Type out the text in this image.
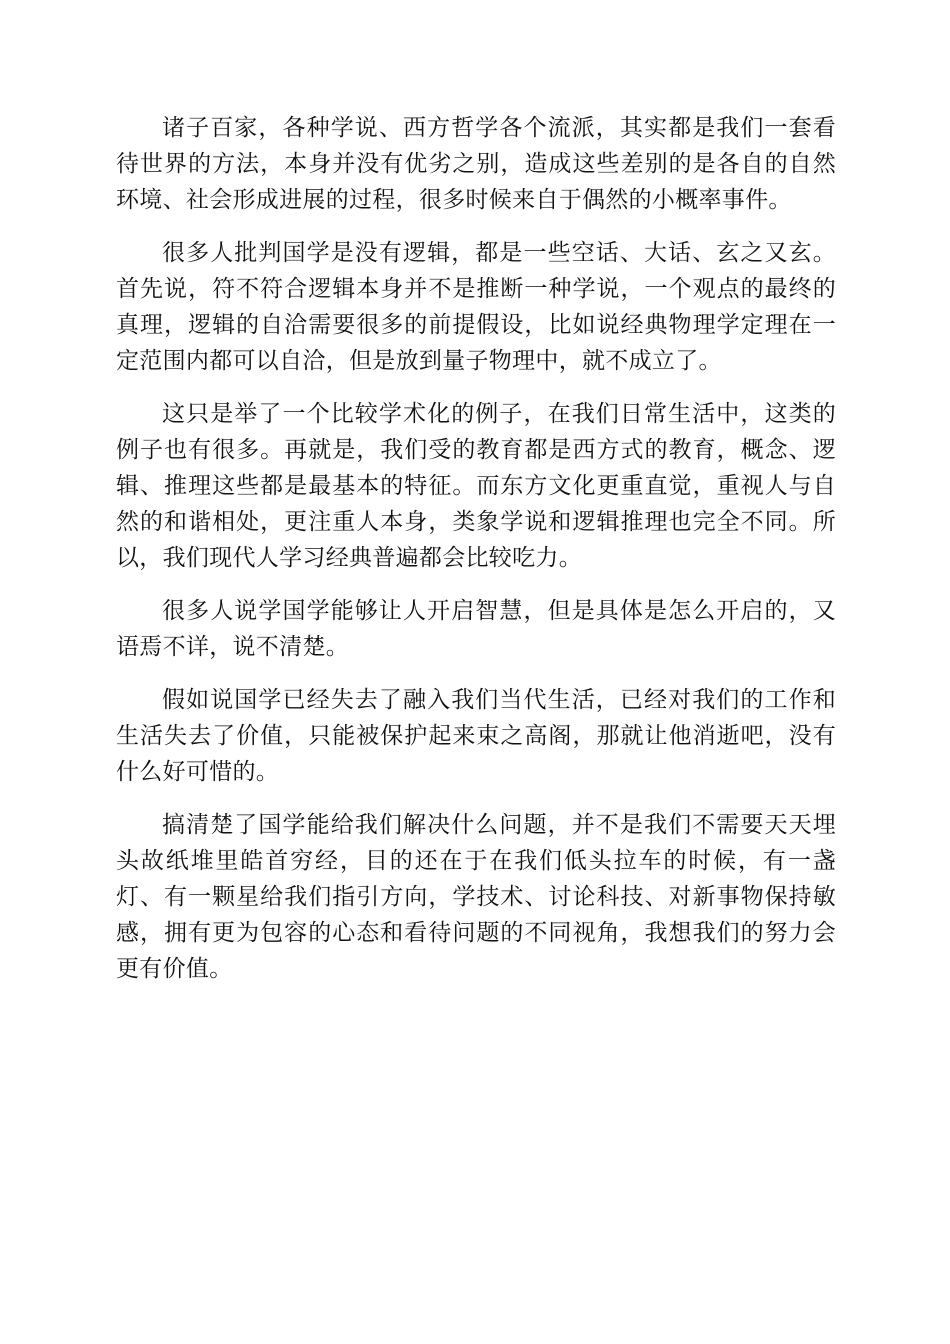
诸子百家，各种学说、西方哲学各个流派，其实都是我们一套看待世界的方法，本身并没有优劣之别，造成这些差别的是各自的自然环境、社会形成进展的过程，很多时候来自于偶然的小概率事件。

很多人批判国学是没有逻辑，都是一些空话、大话、玄之又玄。首先说，符不符合逻辑本身并不是推断一种学说，一个观点的最终的真理，逻辑的自洽需要很多的前提假设，比如说经典物理学定理在一定范围内都可以自洽，但是放到量子物理中，就不成立了。

这只是举了一个比较学术化的例子，在我们日常生活中，这类的例子也有很多。再就是，我们受的教育都是西方式的教育，概念、逻辑、推理这些都是最基本的特征。而东方文化更重直觉，重视人与自然的和谐相处，更注重人本身，类象学说和逻辑推理也完全不同。所以，我们现代人学习经典普遍都会比较吃力。

很多人说学国学能够让人开启智慧，但是具体是怎么开启的，又语焉不详，说不清楚。

假如说国学已经失去了融入我们当代生活，已经对我们的工作和生活失去了价值，只能被保护起来束之高阁，那就让他消逝吧，没有什么好可惜的。

搞清楚了国学能给我们解决什么问题，并不是我们不需要天天埋头故纸堆里皓首穷经，目的还在于在我们低头拉车的时候，有一盏灯、有一颗星给我们指引方向，学技术、讨论科技、对新事物保持敏感，拥有更为包容的心态和看待问题的不同视角，我想我们的努力会更有价值。
